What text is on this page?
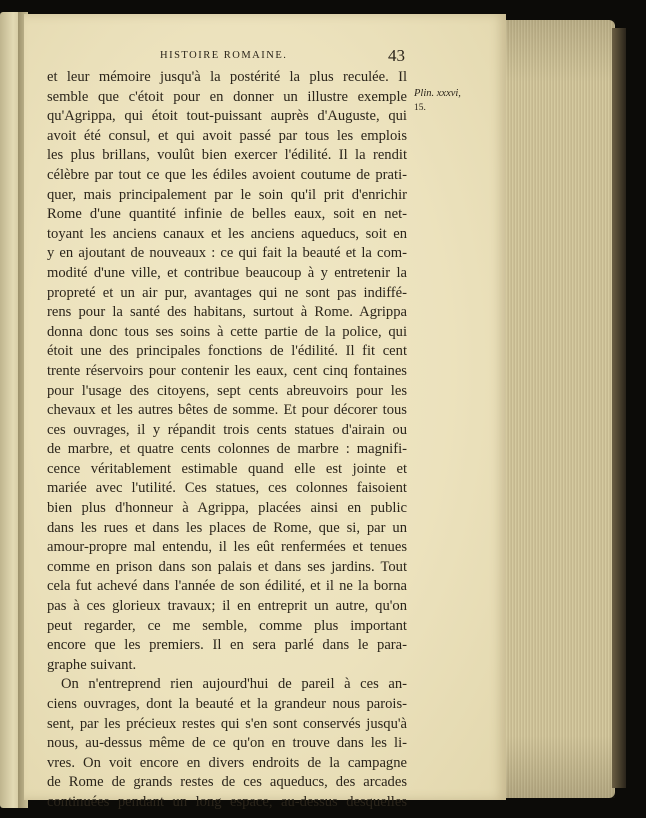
HISTOIRE ROMAINE.	43
Plin. xxxvi,
15.
et leur mémoire jusqu'à la postérité la plus reculée. Il
semble que c'étoit pour en donner un illustre exemple
qu'Agrippa, qui étoit tout-puissant auprès d'Auguste, qui
avoit été consul, et qui avoit passé par tous les emplois
les plus brillans, voulût bien exercer l'édilité. Il la rendit
célèbre par tout ce que les édiles avoient coutume de prati-
quer, mais principalement par le soin qu'il prit d'enrichir
Rome d'une quantité infinie de belles eaux, soit en net-
toyant les anciens canaux et les anciens aqueducs, soit en
y en ajoutant de nouveaux : ce qui fait la beauté et la com-
modité d'une ville, et contribue beaucoup à y entretenir la
propreté et un air pur, avantages qui ne sont pas indiffé-
rens pour la santé des habitans, surtout à Rome. Agrippa
donna donc tous ses soins à cette partie de la police, qui
étoit une des principales fonctions de l'édilité. Il fit cent
trente réservoirs pour contenir les eaux, cent cinq fontaines
pour l'usage des citoyens, sept cents abreuvoirs pour les
chevaux et les autres bêtes de somme. Et pour décorer tous
ces ouvrages, il y répandit trois cents statues d'airain ou
de marbre, et quatre cents colonnes de marbre : magnifi-
cence véritablement estimable quand elle est jointe et
mariée avec l'utilité. Ces statues, ces colonnes faisoient
bien plus d'honneur à Agrippa, placées ainsi en public
dans les rues et dans les places de Rome, que si, par un
amour-propre mal entendu, il les eût renfermées et tenues
comme en prison dans son palais et dans ses jardins. Tout
cela fut achevé dans l'année de son édilité, et il ne la borna
pas à ces glorieux travaux; il en entreprit un autre, qu'on
peut regarder, ce me semble, comme plus important
encore que les premiers. Il en sera parlé dans le para-
graphe suivant.
On n'entreprend rien aujourd'hui de pareil à ces an-
ciens ouvrages, dont la beauté et la grandeur nous parois-
sent, par les précieux restes qui s'en sont conservés jusqu'à
nous, au-dessus même de ce qu'on en trouve dans les li-
vres. On voit encore en divers endroits de la campagne
de Rome de grands restes de ces aqueducs, des arcades
continuées pendant un long espace, au-dessus desquelles
